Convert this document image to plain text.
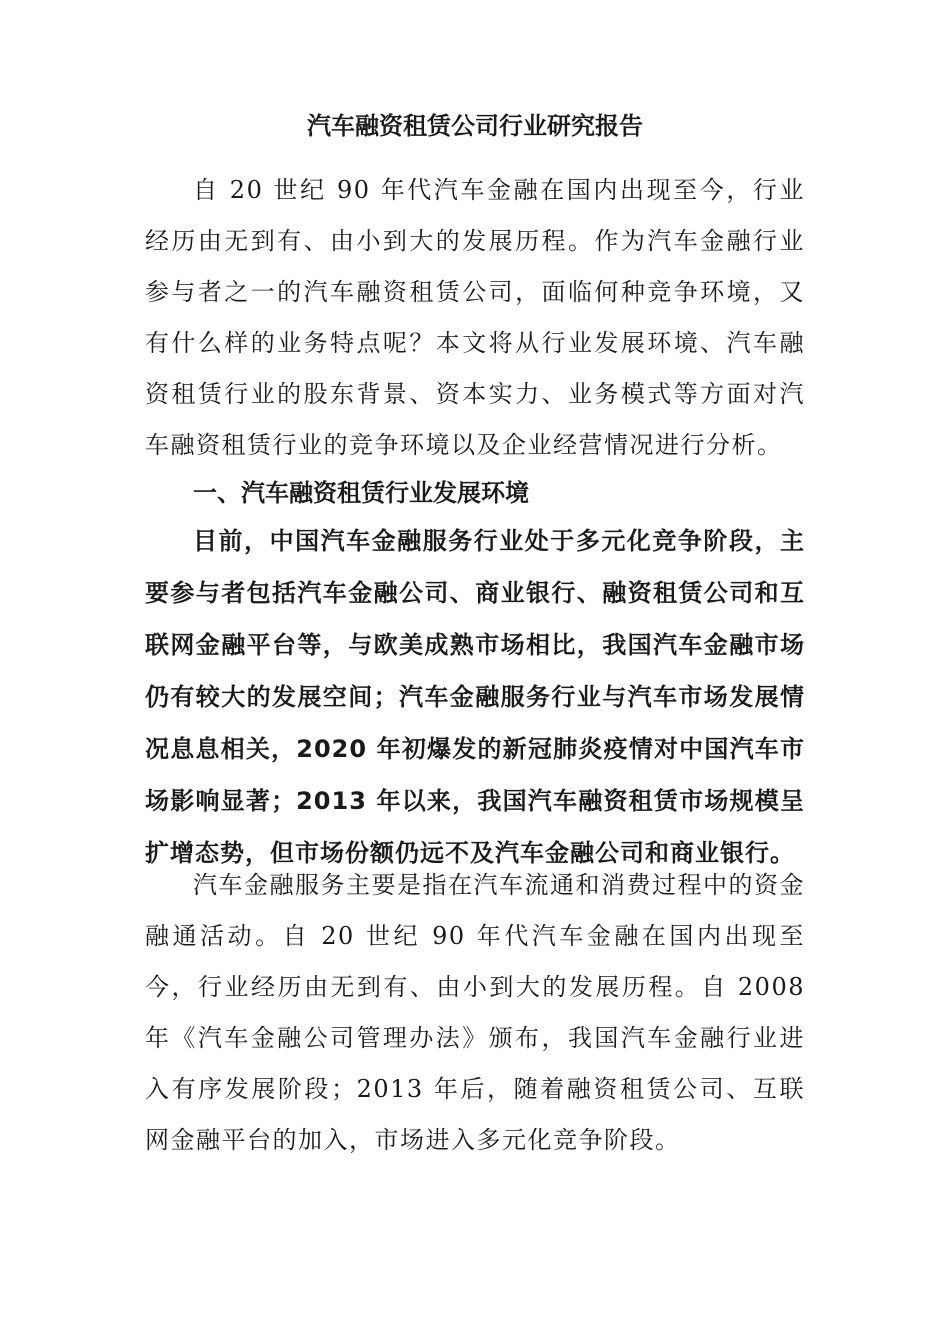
汽车融资租赁公司行业研究报告

自 20 世纪 90 年代汽车金融在国内出现至今，行业经历由无到有、由小到大的发展历程。作为汽车金融行业参与者之一的汽车融资租赁公司，面临何种竞争环境，又有什么样的业务特点呢？本文将从行业发展环境、汽车融资租赁行业的股东背景、资本实力、业务模式等方面对汽车融资租赁行业的竞争环境以及企业经营情况进行分析。

一、汽车融资租赁行业发展环境

目前，中国汽车金融服务行业处于多元化竞争阶段，主要参与者包括汽车金融公司、商业银行、融资租赁公司和互联网金融平台等，与欧美成熟市场相比，我国汽车金融市场仍有较大的发展空间；汽车金融服务行业与汽车市场发展情况息息相关，2020 年初爆发的新冠肺炎疫情对中国汽车市场影响显著；2013 年以来，我国汽车融资租赁市场规模呈扩增态势，但市场份额仍远不及汽车金融公司和商业银行。

汽车金融服务主要是指在汽车流通和消费过程中的资金融通活动。自 20 世纪 90 年代汽车金融在国内出现至今，行业经历由无到有、由小到大的发展历程。自 2008 年《汽车金融公司管理办法》颁布，我国汽车金融行业进入有序发展阶段；2013 年后，随着融资租赁公司、互联网金融平台的加入，市场进入多元化竞争阶段。
